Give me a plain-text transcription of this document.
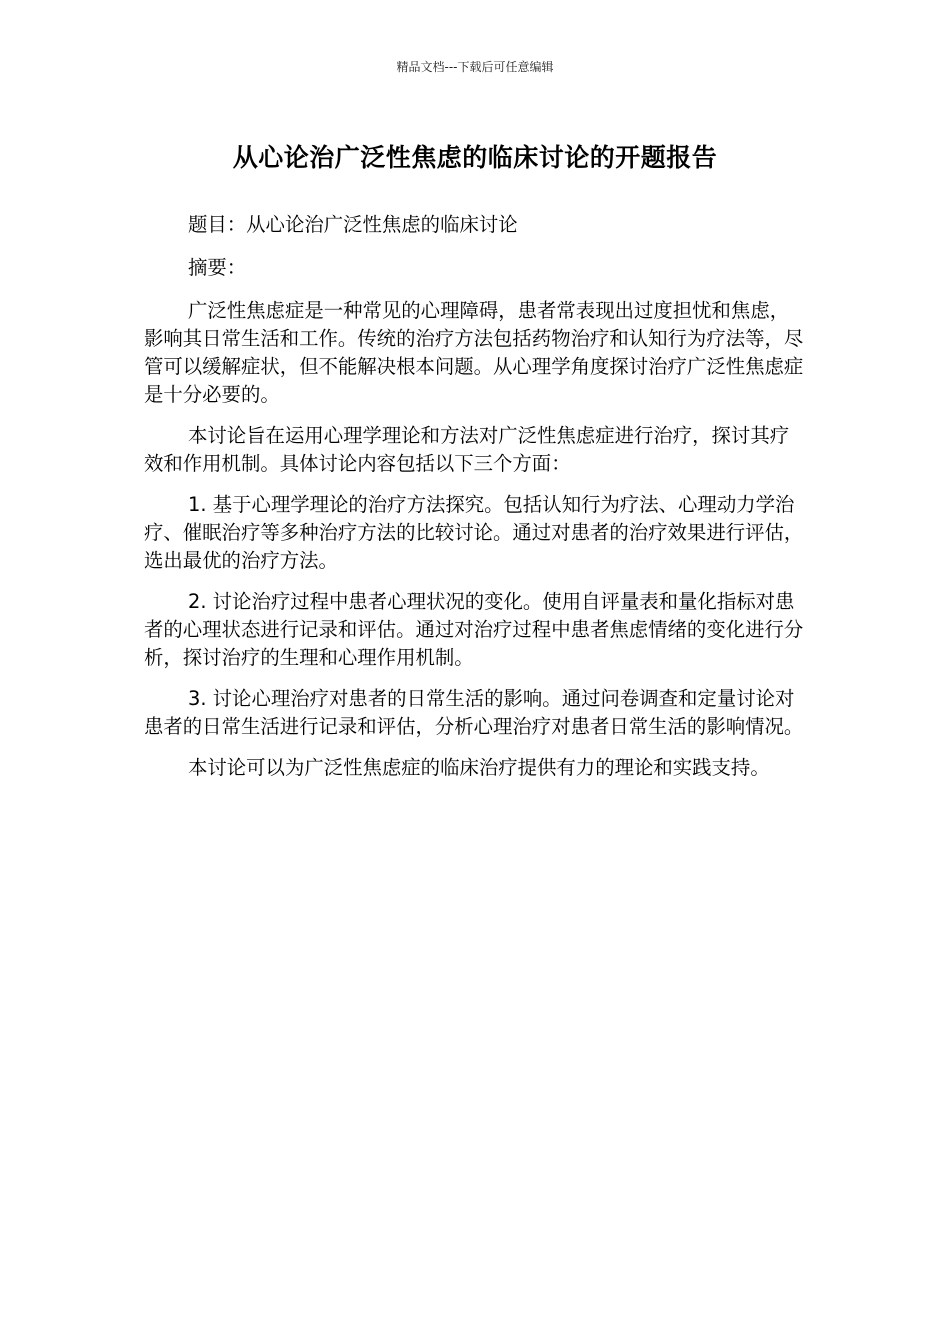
精品文档---下载后可任意编辑
从心论治广泛性焦虑的临床讨论的开题报告

题目：从心论治广泛性焦虑的临床讨论

摘要：

广泛性焦虑症是一种常见的心理障碍，患者常表现出过度担忧和焦虑，影响其日常生活和工作。传统的治疗方法包括药物治疗和认知行为疗法等，尽管可以缓解症状，但不能解决根本问题。从心理学角度探讨治疗广泛性焦虑症是十分必要的。

本讨论旨在运用心理学理论和方法对广泛性焦虑症进行治疗，探讨其疗效和作用机制。具体讨论内容包括以下三个方面：

1. 基于心理学理论的治疗方法探究。包括认知行为疗法、心理动力学治疗、催眠治疗等多种治疗方法的比较讨论。通过对患者的治疗效果进行评估，选出最优的治疗方法。

2. 讨论治疗过程中患者心理状况的变化。使用自评量表和量化指标对患者的心理状态进行记录和评估。通过对治疗过程中患者焦虑情绪的变化进行分析，探讨治疗的生理和心理作用机制。

3. 讨论心理治疗对患者的日常生活的影响。通过问卷调查和定量讨论对患者的日常生活进行记录和评估，分析心理治疗对患者日常生活的影响情况。

本讨论可以为广泛性焦虑症的临床治疗提供有力的理论和实践支持。
